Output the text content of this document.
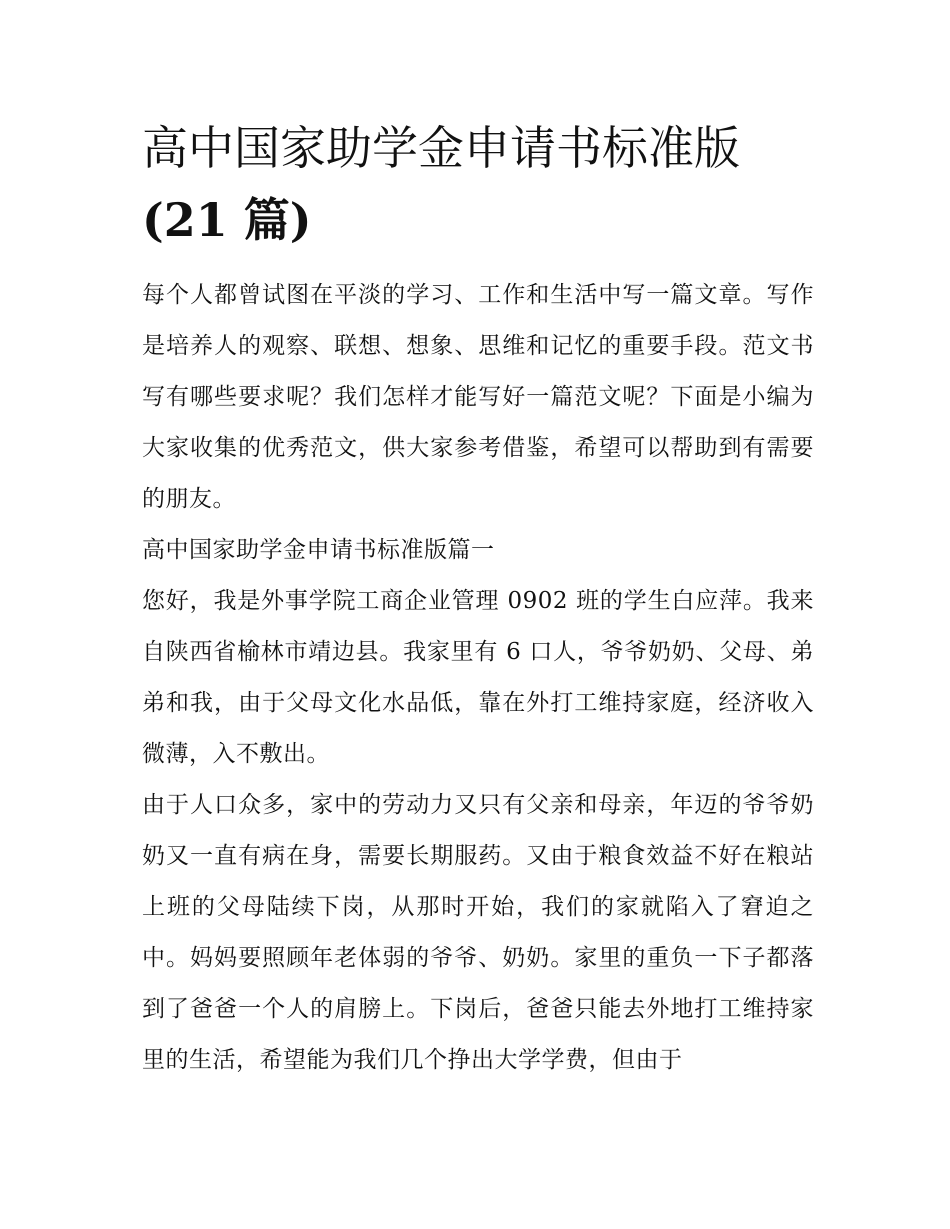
高中国家助学金申请书标准版
(21 篇)

每个人都曾试图在平淡的学习、工作和生活中写一篇文章。写作是培养人的观察、联想、想象、思维和记忆的重要手段。范文书写有哪些要求呢？我们怎样才能写好一篇范文呢？下面是小编为大家收集的优秀范文，供大家参考借鉴，希望可以帮助到有需要的朋友。

高中国家助学金申请书标准版篇一

您好，我是外事学院工商企业管理 0902 班的学生白应萍。我来自陕西省榆林市靖边县。我家里有 6 口人，爷爷奶奶、父母、弟弟和我，由于父母文化水品低，靠在外打工维持家庭，经济收入微薄，入不敷出。

由于人口众多，家中的劳动力又只有父亲和母亲，年迈的爷爷奶奶又一直有病在身，需要长期服药。又由于粮食效益不好在粮站上班的父母陆续下岗，从那时开始，我们的家就陷入了窘迫之中。妈妈要照顾年老体弱的爷爷、奶奶。家里的重负一下子都落到了爸爸一个人的肩膀上。下岗后，爸爸只能去外地打工维持家里的生活，希望能为我们几个挣出大学学费，但由于
